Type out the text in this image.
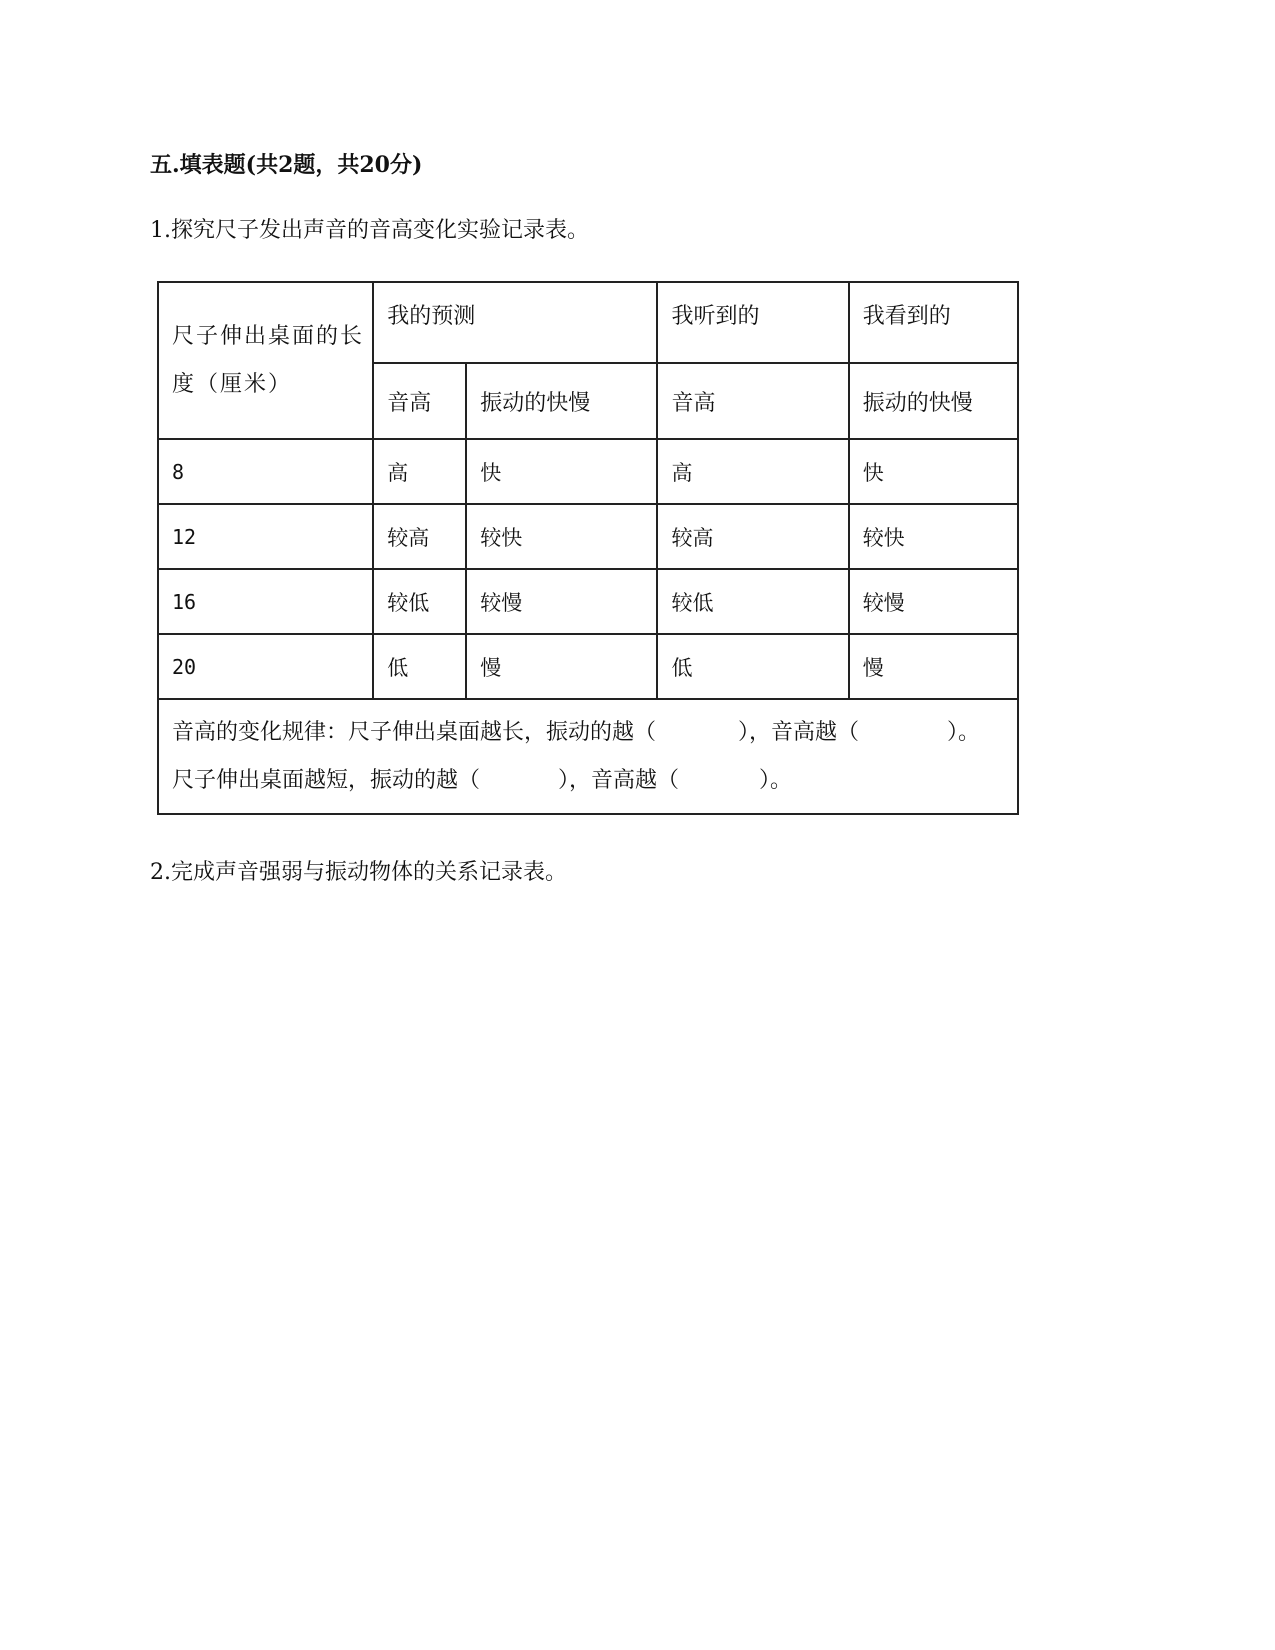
五.填表题(共2题，共20分)
1.探究尺子发出声音的音高变化实验记录表。
尺子伸出桌面的长度（厘米）	我的预测		我听到的	我看到的
	音高	振动的快慢	音高	振动的快慢
8	高	快	高	快
12	较高	较快	较高	较快
16	较低	较慢	较低	较慢
20	低	慢	低	慢

音高的变化规律：尺子伸出桌面越长，振动的越（ ），音高越（ ）。
尺子伸出桌面越短，振动的越（ ），音高越（ ）。				
2.完成声音强弱与振动物体的关系记录表。
